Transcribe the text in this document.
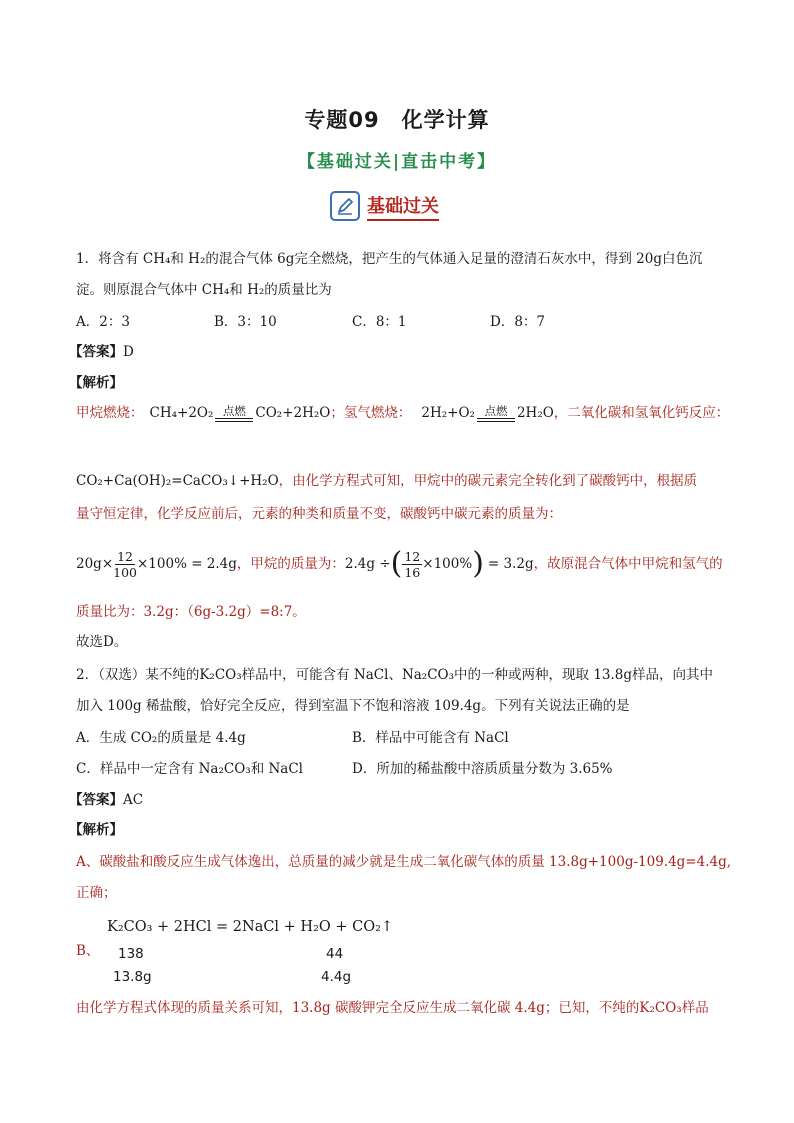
专题09　化学计算
【基础过关|直击中考】
基础过关
1．将含有 CH₄和 H₂的混合气体 6g完全燃烧，把产生的气体通入足量的澄清石灰水中，得到 20g白色沉
淀。则原混合气体中 CH₄和 H₂的质量比为
A．2：3	B．3：10	C．8：1	D．8：7
【答案】D
【解析】
甲烷燃烧： CH₄+2O₂ 点燃 CO₂+2H₂O ；氢气燃烧： 2H₂+O₂ 点燃 2H₂O ，二氧化碳和氢氧化钙反应：
CO₂+Ca(OH)₂=CaCO₃↓+H₂O，由化学方程式可知，甲烷中的碳元素完全转化到了碳酸钙中，根据质
量守恒定律，化学反应前后，元素的种类和质量不变，碳酸钙中碳元素的质量为：
$20g\times \frac{12}{100} \times 100\% = 2.4g$ ，甲烷的质量为： 2.4g ÷ ( $\frac{12}{16} \times 100\%$ ) = 3.2g ，故原混合气体中甲烷和氢气的
质量比为：3.2g：（6g-3.2g）=8:7。
故选D。
2．（双选）某不纯的K₂CO₃样品中，可能含有 NaCl、Na₂CO₃中的一种或两种，现取 13.8g样品，向其中
加入 100g 稀盐酸，恰好完全反应，得到室温下不饱和溶液 109.4g。下列有关说法正确的是
A．生成 CO₂的质量是 4.4g	B．样品中可能含有 NaCl
C．样品中一定含有 Na₂CO₃和 NaCl	D．所加的稀盐酸中溶质质量分数为 3.65%
【答案】AC
【解析】
A、碳酸盐和酸反应生成气体逸出，总质量的减少就是生成二氧化碳气体的质量 13.8g+100g-109.4g=4.4g,
正确；
K₂CO₃ + 2HCl = 2NaCl + H₂O + CO₂↑
B、 138	44
13.8g	4.4g
由化学方程式体现的质量关系可知，13.8g 碳酸钾完全反应生成二氧化碳 4.4g；已知，不纯的K₂CO₃样品
